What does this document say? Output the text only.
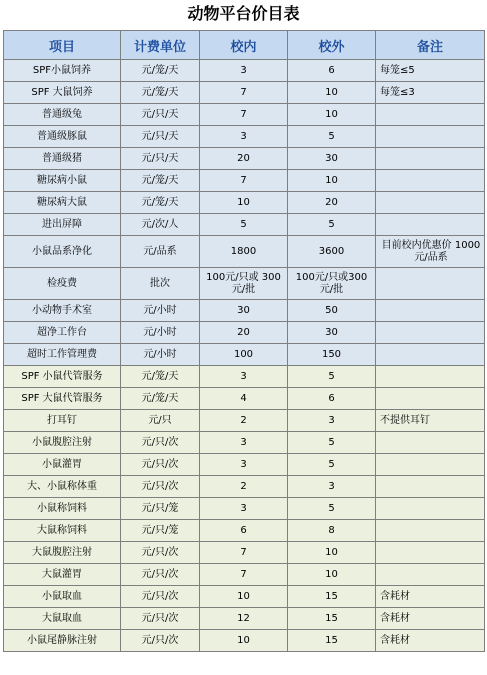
动物平台价目表
项目	计费单位	校内	校外	备注
SPF小鼠饲养	元/笼/天	3	6	每笼≤5
SPF 大鼠饲养	元/笼/天	7	10	每笼≤3
普通级兔	元/只/天	7	10	
普通级豚鼠	元/只/天	3	5	
普通级猪	元/只/天	20	30	
糖尿病小鼠	元/笼/天	7	10	
糖尿病大鼠	元/笼/天	10	20	
进出屏障	元/次/人	5	5	
小鼠品系净化	元/品系	1800	3600	目前校内优惠价 1000元/品系
检疫费	批次	100元/只或 300元/批	100元/只或300 元/批	
小动物手术室	元/小时	30	50	
超净工作台	元/小时	20	30	
超时工作管理费	元/小时	100	150	
SPF 小鼠代管服务	元/笼/天	3	5	
SPF 大鼠代管服务	元/笼/天	4	6	
打耳钉	元/只	2	3	不提供耳钉
小鼠腹腔注射	元/只/次	3	5	
小鼠灌胃	元/只/次	3	5	
大、小鼠称体重	元/只/次	2	3	
小鼠称饲料	元/只/笼	3	5	
大鼠称饲料	元/只/笼	6	8	
大鼠腹腔注射	元/只/次	7	10	
大鼠灌胃	元/只/次	7	10	
小鼠取血	元/只/次	10	15	含耗材
大鼠取血	元/只/次	12	15	含耗材
小鼠尾静脉注射	元/只/次	10	15	含耗材
